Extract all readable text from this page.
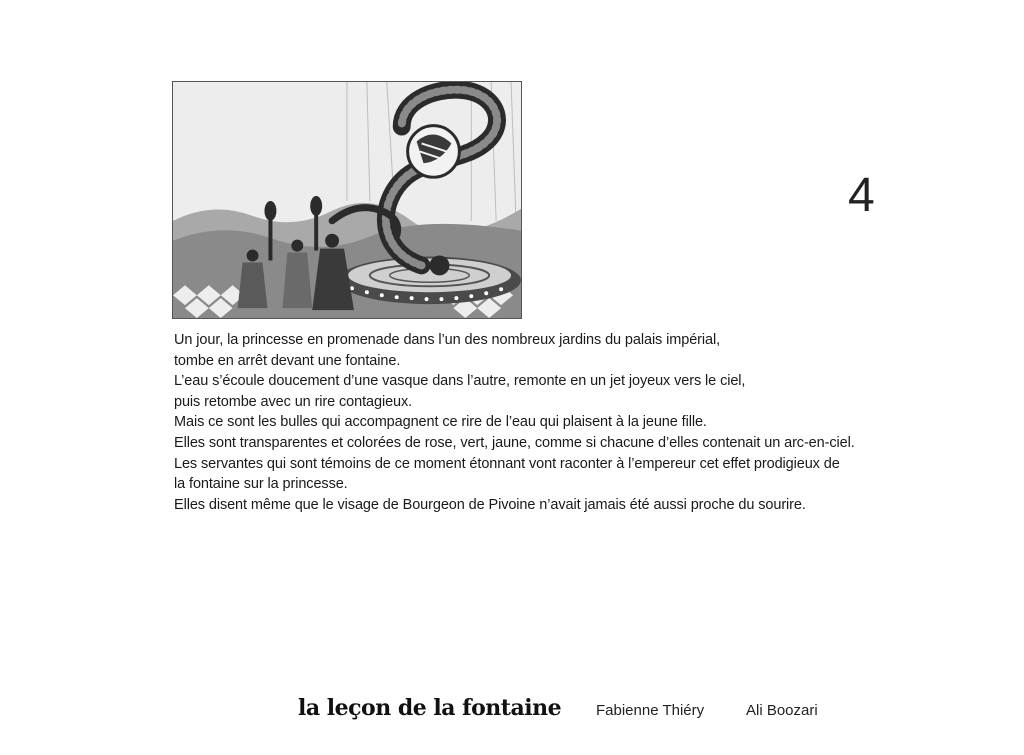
4
Un jour, la princesse en promenade dans l’un des nombreux jardins du palais impérial,
tombe en arrêt devant une fontaine.
L’eau s’écoule doucement d’une vasque dans l’autre, remonte en un jet joyeux vers le ciel,
puis retombe avec un rire contagieux.
Mais ce sont les bulles qui accompagnent ce rire de l’eau qui plaisent à la jeune fille.
Elles sont transparentes et colorées de rose, vert, jaune, comme si chacune d’elles contenait un arc-en-ciel.
Les servantes qui sont témoins de ce moment étonnant vont raconter à l’empereur cet effet prodigieux de
la fontaine sur la princesse.
Elles disent même que le visage de Bourgeon de Pivoine n’avait jamais été aussi proche du sourire.
la leçon de la fontaine Fabienne Thiéry	Ali Boozari
